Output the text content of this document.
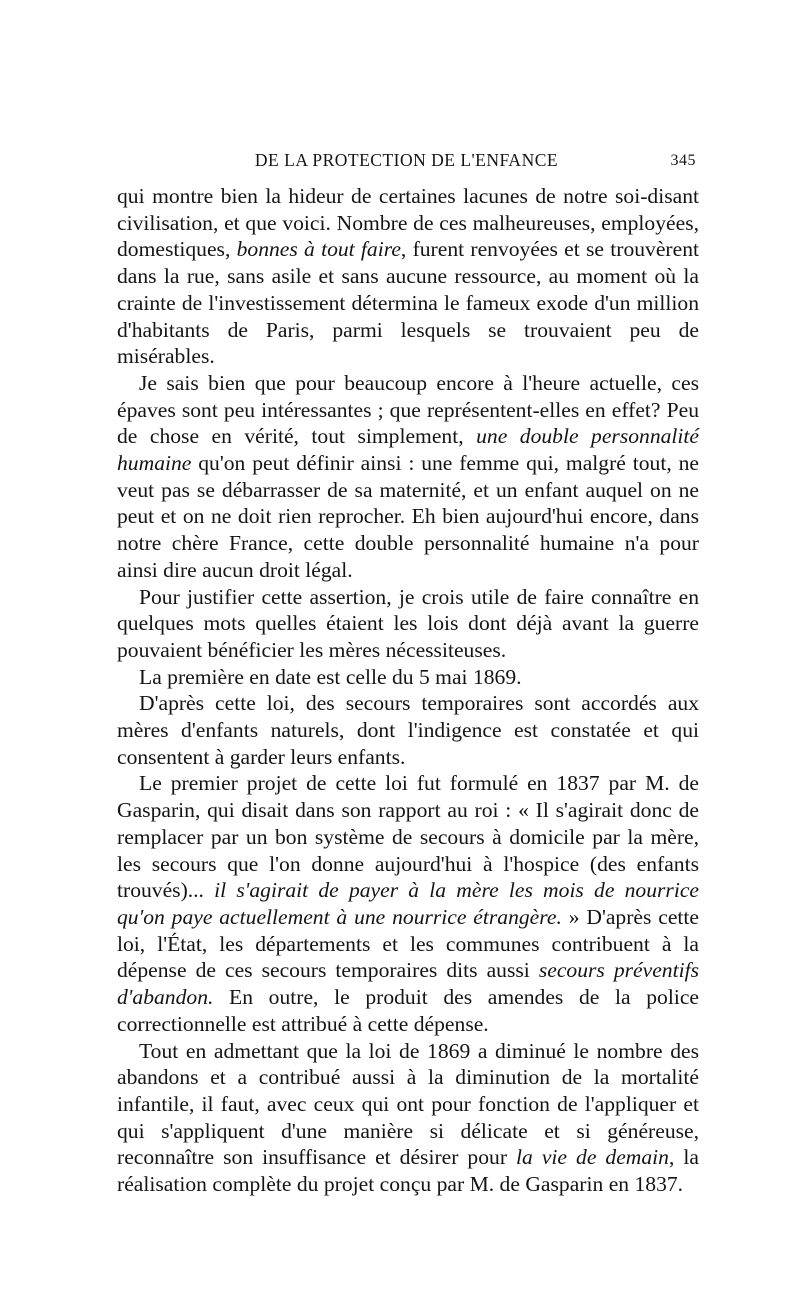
DE LA PROTECTION DE L'ENFANCE	345

qui montre bien la hideur de certaines lacunes de notre soi-disant civilisation, et que voici. Nombre de ces malheureuses, employées, domestiques, bonnes à tout faire, furent renvoyées et se trouvèrent dans la rue, sans asile et sans aucune ressource, au moment où la crainte de l'investissement détermina le fameux exode d'un million d'habitants de Paris, parmi lesquels se trouvaient peu de misérables.

Je sais bien que pour beaucoup encore à l'heure actuelle, ces épaves sont peu intéressantes ; que représentent-elles en effet? Peu de chose en vérité, tout simplement, une double personnalité humaine qu'on peut définir ainsi : une femme qui, malgré tout, ne veut pas se débarrasser de sa maternité, et un enfant auquel on ne peut et on ne doit rien reprocher. Eh bien aujourd'hui encore, dans notre chère France, cette double personnalité humaine n'a pour ainsi dire aucun droit légal.

Pour justifier cette assertion, je crois utile de faire connaître en quelques mots quelles étaient les lois dont déjà avant la guerre pouvaient bénéficier les mères nécessiteuses.

La première en date est celle du 5 mai 1869.

D'après cette loi, des secours temporaires sont accordés aux mères d'enfants naturels, dont l'indigence est constatée et qui consentent à garder leurs enfants.

Le premier projet de cette loi fut formulé en 1837 par M. de Gasparin, qui disait dans son rapport au roi : « Il s'agirait donc de remplacer par un bon système de secours à domicile par la mère, les secours que l'on donne aujourd'hui à l'hospice (des enfants trouvés)... il s'agirait de payer à la mère les mois de nourrice qu'on paye actuellement à une nourrice étrangère. » D'après cette loi, l'État, les départements et les communes contribuent à la dépense de ces secours temporaires dits aussi secours préventifs d'abandon. En outre, le produit des amendes de la police correctionnelle est attribué à cette dépense.

Tout en admettant que la loi de 1869 a diminué le nombre des abandons et a contribué aussi à la diminution de la mortalité infantile, il faut, avec ceux qui ont pour fonction de l'appliquer et qui s'appliquent d'une manière si délicate et si généreuse, reconnaître son insuffisance et désirer pour la vie de demain, la réalisation complète du projet conçu par M. de Gasparin en 1837.
